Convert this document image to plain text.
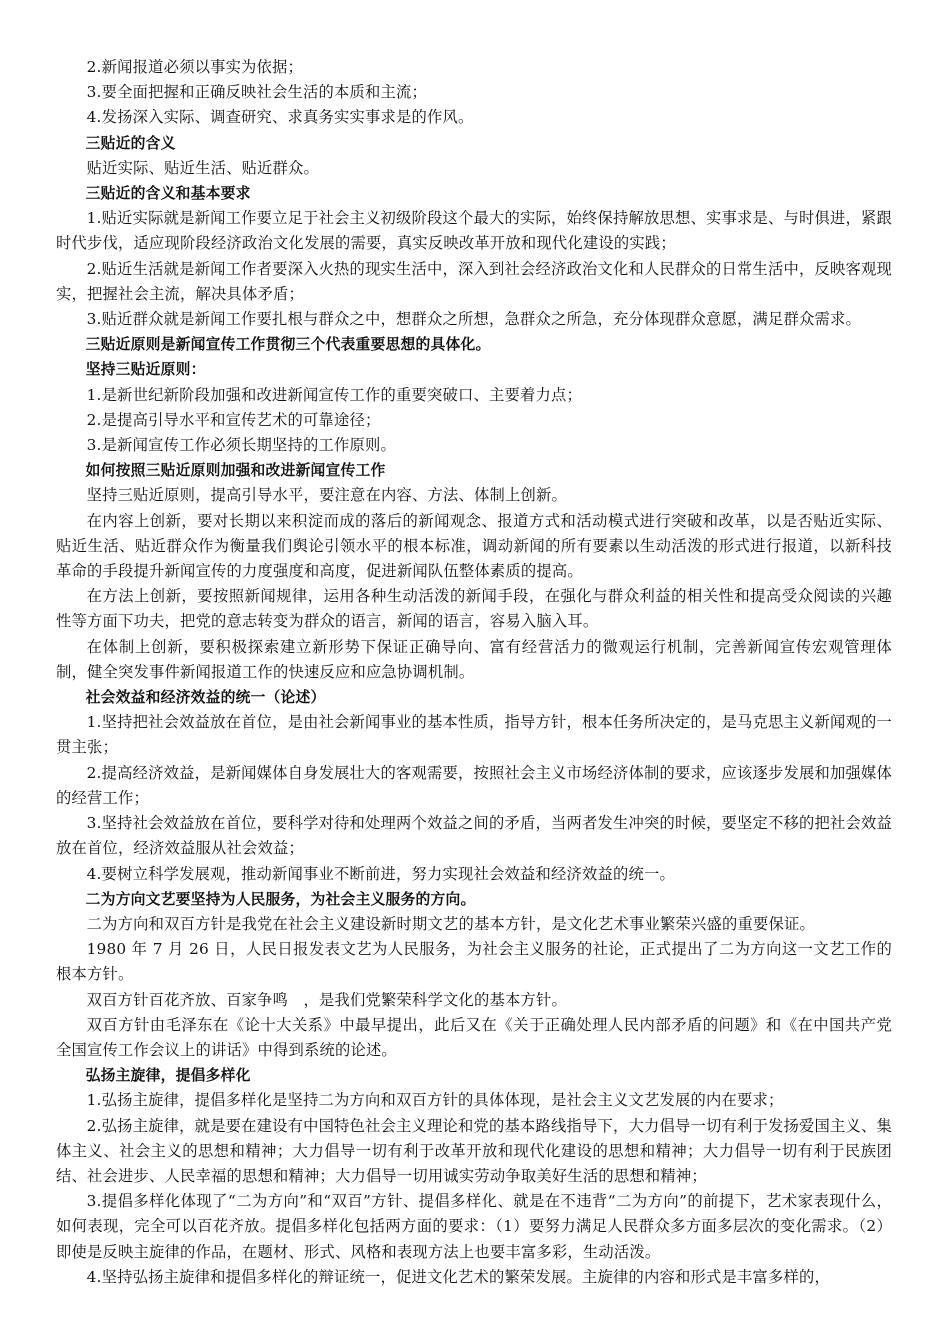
2.新闻报道必须以事实为依据；

3.要全面把握和正确反映社会生活的本质和主流；

4.发扬深入实际、调查研究、求真务实实事求是的作风。

三贴近的含义

贴近实际、贴近生活、贴近群众。

三贴近的含义和基本要求

1.贴近实际就是新闻工作要立足于社会主义初级阶段这个最大的实际，始终保持解放思想、实事求是、与时俱进，紧跟时代步伐，适应现阶段经济政治文化发展的需要，真实反映改革开放和现代化建设的实践；

2.贴近生活就是新闻工作者要深入火热的现实生活中，深入到社会经济政治文化和人民群众的日常生活中，反映客观现实，把握社会主流，解决具体矛盾；

3.贴近群众就是新闻工作要扎根与群众之中，想群众之所想，急群众之所急，充分体现群众意愿，满足群众需求。

三贴近原则是新闻宣传工作贯彻三个代表重要思想的具体化。

坚持三贴近原则：

1.是新世纪新阶段加强和改进新闻宣传工作的重要突破口、主要着力点；

2.是提高引导水平和宣传艺术的可靠途径；

3.是新闻宣传工作必须长期坚持的工作原则。

如何按照三贴近原则加强和改进新闻宣传工作

坚持三贴近原则，提高引导水平，要注意在内容、方法、体制上创新。

在内容上创新，要对长期以来积淀而成的落后的新闻观念、报道方式和活动模式进行突破和改革，以是否贴近实际、贴近生活、贴近群众作为衡量我们舆论引领水平的根本标准，调动新闻的所有要素以生动活泼的形式进行报道，以新科技革命的手段提升新闻宣传的力度强度和高度，促进新闻队伍整体素质的提高。

在方法上创新，要按照新闻规律，运用各种生动活泼的新闻手段，在强化与群众利益的相关性和提高受众阅读的兴趣性等方面下功夫，把党的意志转变为群众的语言，新闻的语言，容易入脑入耳。

在体制上创新，要积极探索建立新形势下保证正确导向、富有经营活力的微观运行机制，完善新闻宣传宏观管理体制，健全突发事件新闻报道工作的快速反应和应急协调机制。

社会效益和经济效益的统一（论述）

1.坚持把社会效益放在首位，是由社会新闻事业的基本性质，指导方针，根本任务所决定的，是马克思主义新闻观的一贯主张；

2.提高经济效益，是新闻媒体自身发展壮大的客观需要，按照社会主义市场经济体制的要求，应该逐步发展和加强媒体的经营工作；

3.坚持社会效益放在首位，要科学对待和处理两个效益之间的矛盾，当两者发生冲突的时候，要坚定不移的把社会效益放在首位，经济效益服从社会效益；

4.要树立科学发展观，推动新闻事业不断前进，努力实现社会效益和经济效益的统一。

二为方向文艺要坚持为人民服务，为社会主义服务的方向。

二为方向和双百方针是我党在社会主义建设新时期文艺的基本方针，是文化艺术事业繁荣兴盛的重要保证。

1980 年 7 月 26 日，人民日报发表文艺为人民服务，为社会主义服务的社论，正式提出了二为方向这一文艺工作的根本方针。

双百方针百花齐放、百家争鸣　，是我们党繁荣科学文化的基本方针。

双百方针由毛泽东在《论十大关系》中最早提出，此后又在《关于正确处理人民内部矛盾的问题》和《在中国共产党全国宣传工作会议上的讲话》中得到系统的论述。

弘扬主旋律，提倡多样化

1.弘扬主旋律，提倡多样化是坚持二为方向和双百方针的具体体现，是社会主义文艺发展的内在要求；

2.弘扬主旋律，就是要在建设有中国特色社会主义理论和党的基本路线指导下，大力倡导一切有利于发扬爱国主义、集体主义、社会主义的思想和精神；大力倡导一切有利于改革开放和现代化建设的思想和精神；大力倡导一切有利于民族团结、社会进步、人民幸福的思想和精神；大力倡导一切用诚实劳动争取美好生活的思想和精神；

3.提倡多样化体现了“二为方向”和“双百”方针、提倡多样化、就是在不违背“二为方向”的前提下，艺术家表现什么，如何表现，完全可以百花齐放。提倡多样化包括两方面的要求：（1）要努力满足人民群众多方面多层次的变化需求。（2）即使是反映主旋律的作品，在题材、形式、风格和表现方法上也要丰富多彩，生动活泼。

4.坚持弘扬主旋律和提倡多样化的辩证统一，促进文化艺术的繁荣发展。主旋律的内容和形式是丰富多样的，
